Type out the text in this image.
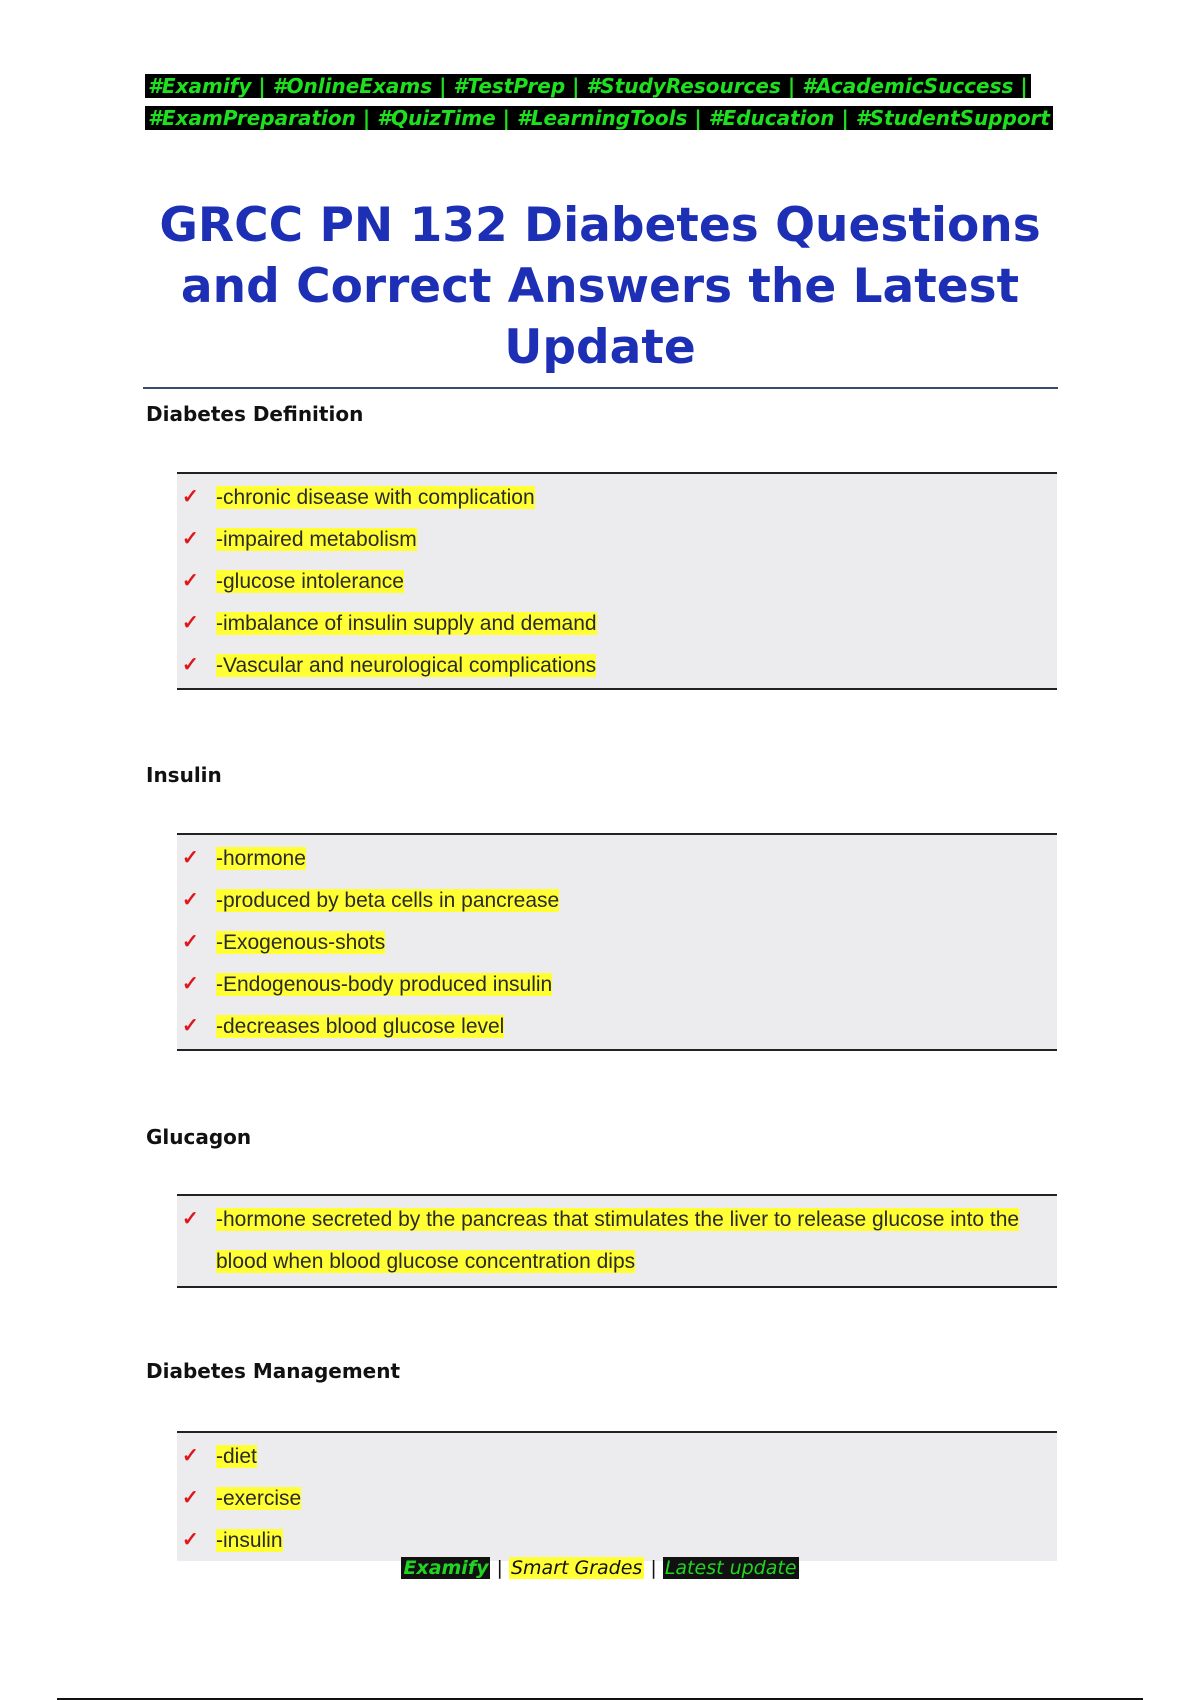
#Examify | #OnlineExams | #TestPrep | #StudyResources | #AcademicSuccess |
#ExamPreparation | #QuizTime | #LearningTools | #Education | #StudentSupport
GRCC PN 132 Diabetes Questions and Correct Answers the Latest Update
Diabetes Definition
✓ -chronic disease with complication
✓ -impaired metabolism
✓ -glucose intolerance
✓ -imbalance of insulin supply and demand
✓ -Vascular and neurological complications
Insulin
✓ -hormone
✓ -produced by beta cells in pancrease
✓ -Exogenous-shots
✓ -Endogenous-body produced insulin
✓ -decreases blood glucose level
Glucagon
✓ -hormone secreted by the pancreas that stimulates the liver to release glucose into the blood when blood glucose concentration dips
Diabetes Management
✓ -diet
✓ -exercise
✓ -insulin
Examify | Smart Grades | Latest update
